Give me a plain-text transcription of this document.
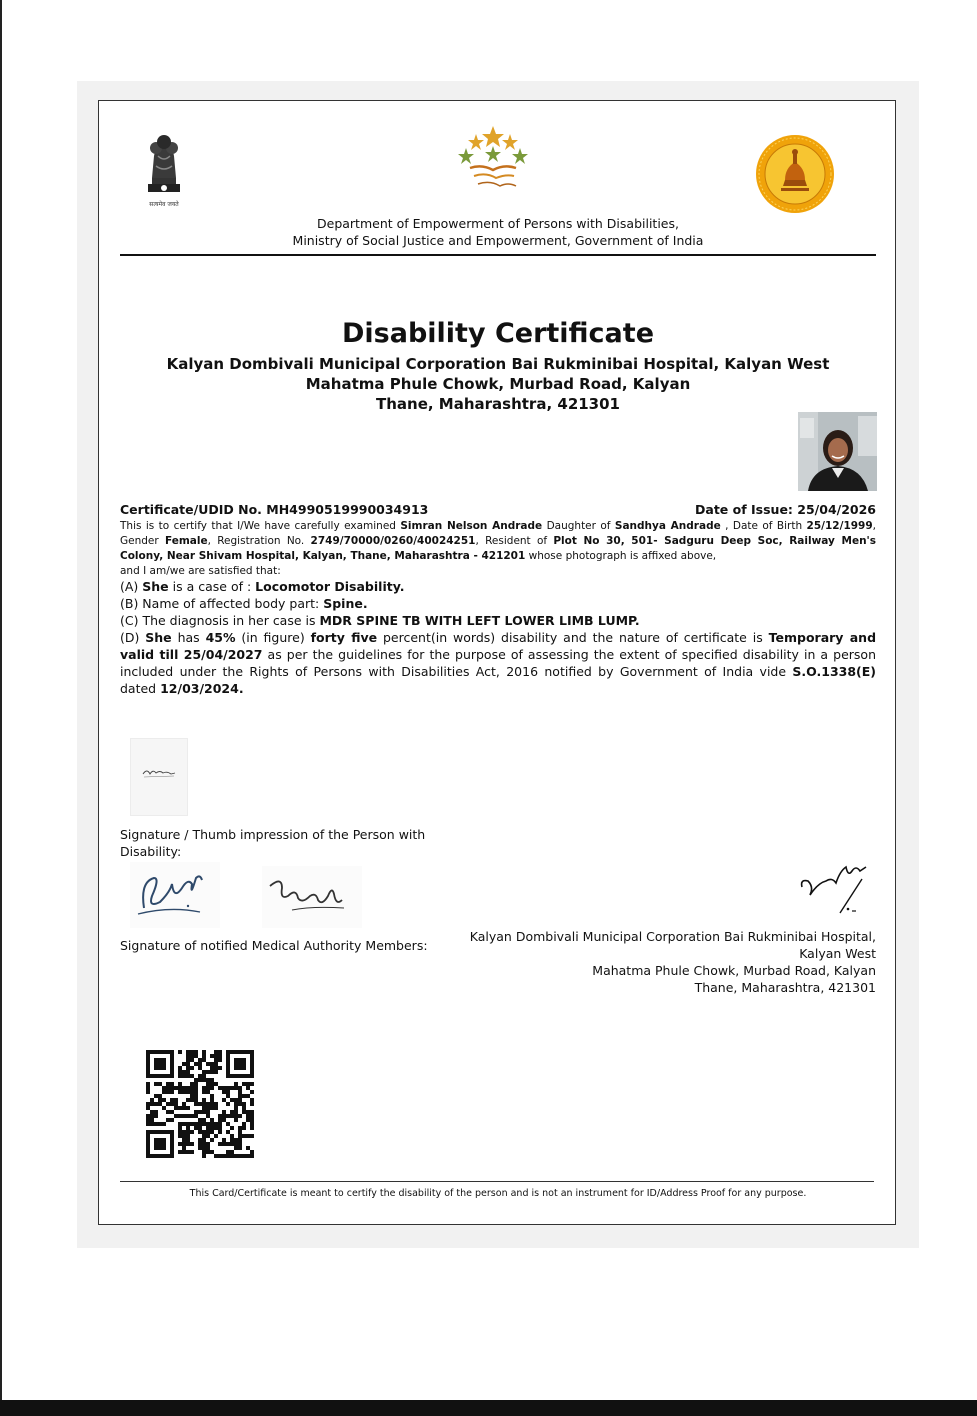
सत्यमेव जयते
Department of Empowerment of Persons with Disabilities,
Ministry of Social Justice and Empowerment, Government of India
Disability Certificate
Kalyan Dombivali Municipal Corporation Bai Rukminibai Hospital, Kalyan West
Mahatma Phule Chowk, Murbad Road, Kalyan
Thane, Maharashtra, 421301
Certificate/UDID No. MH4990519990034913	Date of Issue: 25/04/2026
This is to certify that I/We have carefully examined Simran Nelson Andrade Daughter of Sandhya Andrade , Date of Birth 25/12/1999, Gender Female, Registration No. 2749/70000/0260/40024251, Resident of Plot No 30, 501- Sadguru Deep Soc, Railway Men's Colony, Near Shivam Hospital, Kalyan, Thane, Maharashtra - 421201 whose photograph is affixed above,
and I am/we are satisfied that:
(A) She is a case of : Locomotor Disability.
(B) Name of affected body part: Spine.
(C) The diagnosis in her case is MDR SPINE TB WITH LEFT LOWER LIMB LUMP.
(D) She has 45% (in figure) forty five percent(in words) disability and the nature of certificate is Temporary and valid till 25/04/2027 as per the guidelines for the purpose of assessing the extent of specified disability in a person included under the Rights of Persons with Disabilities Act, 2016 notified by Government of India vide S.O.1338(E) dated 12/03/2024.
Signature / Thumb impression of the Person with Disability:
Signature of notified Medical Authority Members:
Kalyan Dombivali Municipal Corporation Bai Rukminibai Hospital,
Kalyan West
Mahatma Phule Chowk, Murbad Road, Kalyan
Thane, Maharashtra, 421301
This Card/Certificate is meant to certify the disability of the person and is not an instrument for ID/Address Proof for any purpose.
